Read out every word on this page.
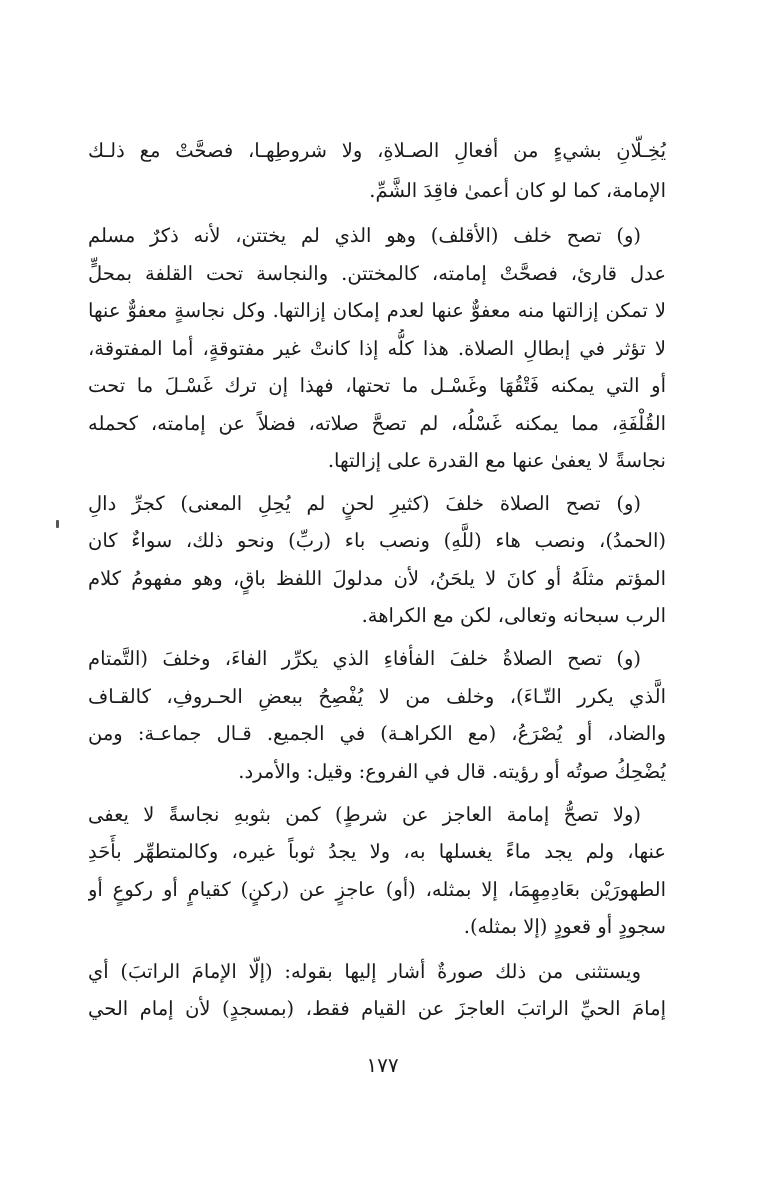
يُخِـلّانِ بشيءٍ من أفعالِ الصـلاةِ، ولا شروطِهـا، فصحَّتْ مع ذلـك
الإمامة، كما لو كان أعمىٰ فاقِدَ الشَّمِّ.
(و) تصح خلف (الأقلف) وهو الذي لم يختتن، لأنه ذكرٌ مسلم
عدل قارئ، فصحَّتْ إمامته، كالمختتن. والنجاسة تحت القلفة بمحلٍّ
لا تمكن إزالتها منه معفوٌّ عنها لعدم إمكان إزالتها. وكل نجاسةٍ معفوٌّ عنها
لا تؤثر في إبطالِ الصلاة. هذا كلُّه إذا كانتْ غير مفتوقةٍ، أما المفتوقة،
أو التي يمكنه فَتْقُهَا وغَسْـل ما تحتها، فهذا إن ترك غَسْـلَ ما تحت
القُلْفَةِ، مما يمكنه غَسْلُه، لم تصحَّ صلاته، فضلاً عن إمامته، كحمله
نجاسةً لا يعفىٰ عنها مع القدرة على إزالتها.
(و) تصح الصلاة خلفَ (كثيرِ لحنٍ لم يُحِلِ المعنى) كجرِّ دالِ
(الحمدُ)، ونصب هاء (للَّهِ) ونصب باء (ربِّ) ونحو ذلك، سواءٌ كان
المؤتم مثلَهُ أو كانَ لا يلحَنُ، لأن مدلولَ اللفظ باقٍ، وهو مفهومُ كلام
الرب سبحانه وتعالى، لكن مع الكراهة.
(و) تصح الصلاةُ خلفَ الفأفاءِ الذي يكرِّر الفاءَ، وخلفَ (التَّمتام
الَّذي يكرر التّـاءَ)، وخلف من لا يُفْصِحُ ببعضِ الحـروفِ، كالقـاف
والضاد، أو يُصْرَعُ، (مع الكراهـة) في الجميع. قـال جماعـة: ومن
يُضْحِكُ صوتُه أو رؤيته. قال في الفروع: وقيل: والأمرد.
(ولا تصحُّ إمامة العاجز عن شرطٍ) كمن بثوبهِ نجاسةً لا يعفى
عنها، ولم يجد ماءً يغسلها به، ولا يجدُ ثوباً غيره، وكالمتطهِّر بأَحَدِ
الطهورَيْن بعَادِمِهِمَا، إلا بمثله، (أو) عاجزٍ عن (ركنٍ) كقيامٍ أو ركوعٍ أو
سجودٍ أو قعودٍ (إلا بمثله).
ويستثنى من ذلك صورةٌ أشار إليها بقوله: (إلّا الإمامَ الراتبَ) أي
إمامَ الحيِّ الراتبَ العاجزَ عن القيام فقط، (بمسجدٍ) لأن إمام الحي
١٧٧
